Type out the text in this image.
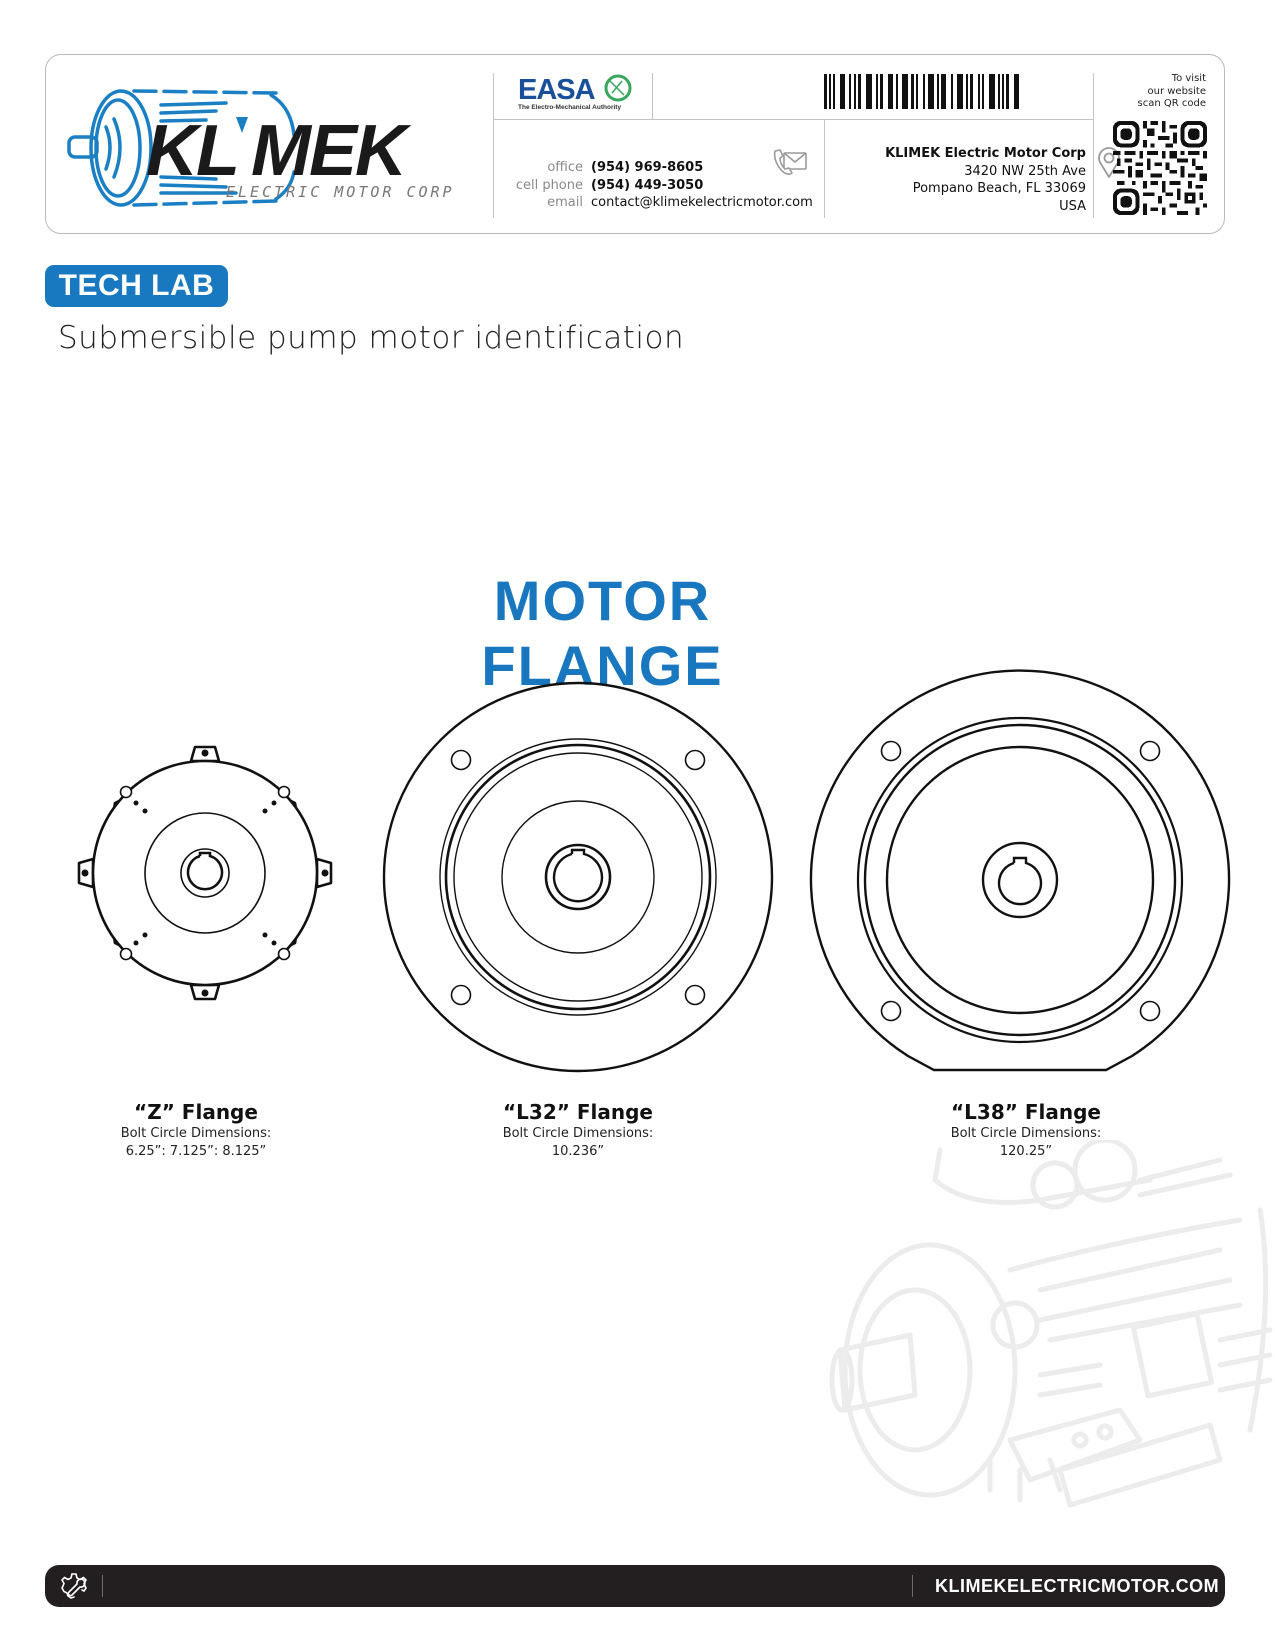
KL MEK
ELECTRIC MOTOR CORP
EASA
The Electro-Mechanical Authority
office (954) 969-8605
cell phone (954) 449-3050
email contact@klimekelectricmotor.com
KLIMEK Electric Motor Corp
3420 NW 25th Ave
Pompano Beach, FL 33069
USA
To visit
our website
scan QR code
TECH LAB
Submersible pump motor identification
MOTOR FLANGE
“Z” Flange
Bolt Circle Dimensions:
6.25”: 7.125”: 8.125”
“L32” Flange
Bolt Circle Dimensions:
10.236”
“L38” Flange
Bolt Circle Dimensions:
120.25”
KLIMEKELECTRICMOTOR.COM
